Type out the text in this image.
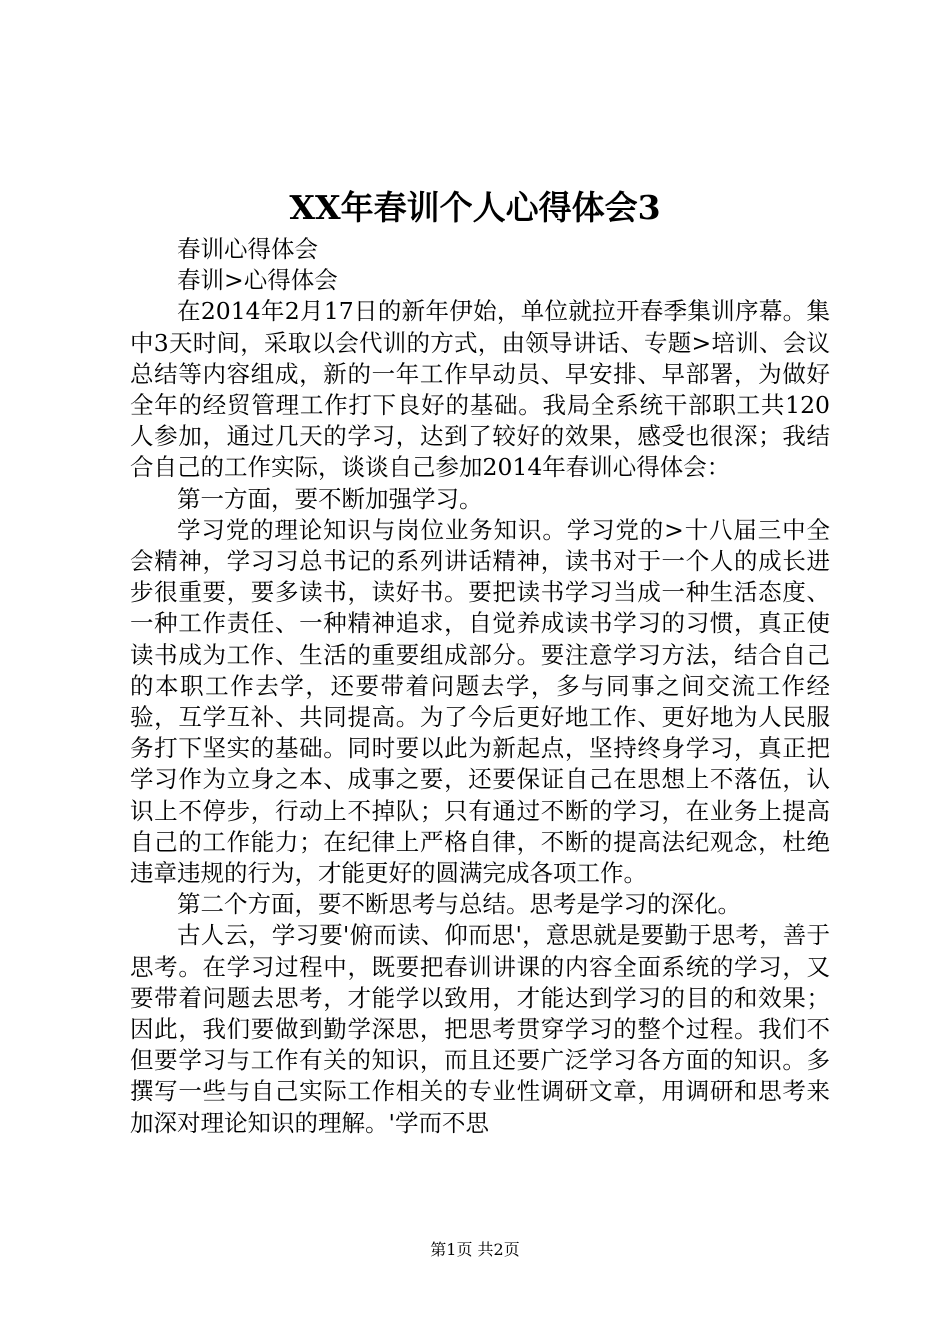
XX年春训个人心得体会3

春训心得体会

春训>心得体会

在2014年2月17日的新年伊始，单位就拉开春季集训序幕。集中3天时间，采取以会代训的方式，由领导讲话、专题>培训、会议总结等内容组成，新的一年工作早动员、早安排、早部署，为做好全年的经贸管理工作打下良好的基础。我局全系统干部职工共120人参加，通过几天的学习，达到了较好的效果，感受也很深；我结合自己的工作实际，谈谈自己参加2014年春训心得体会：

第一方面，要不断加强学习。

学习党的理论知识与岗位业务知识。学习党的>十八届三中全会精神，学习习总书记的系列讲话精神，读书对于一个人的成长进步很重要，要多读书，读好书。要把读书学习当成一种生活态度、一种工作责任、一种精神追求，自觉养成读书学习的习惯，真正使读书成为工作、生活的重要组成部分。要注意学习方法，结合自己的本职工作去学，还要带着问题去学，多与同事之间交流工作经验，互学互补、共同提高。为了今后更好地工作、更好地为人民服务打下坚实的基础。同时要以此为新起点，坚持终身学习，真正把学习作为立身之本、成事之要，还要保证自己在思想上不落伍，认识上不停步，行动上不掉队；只有通过不断的学习，在业务上提高自己的工作能力；在纪律上严格自律，不断的提高法纪观念，杜绝违章违规的行为，才能更好的圆满完成各项工作。

第二个方面，要不断思考与总结。思考是学习的深化。

古人云，学习要'俯而读、仰而思'，意思就是要勤于思考，善于思考。在学习过程中，既要把春训讲课的内容全面系统的学习，又要带着问题去思考，才能学以致用，才能达到学习的目的和效果；因此，我们要做到勤学深思，把思考贯穿学习的整个过程。我们不但要学习与工作有关的知识，而且还要广泛学习各方面的知识。多撰写一些与自己实际工作相关的专业性调研文章，用调研和思考来加深对理论知识的理解。'学而不思

第1页 共2页
